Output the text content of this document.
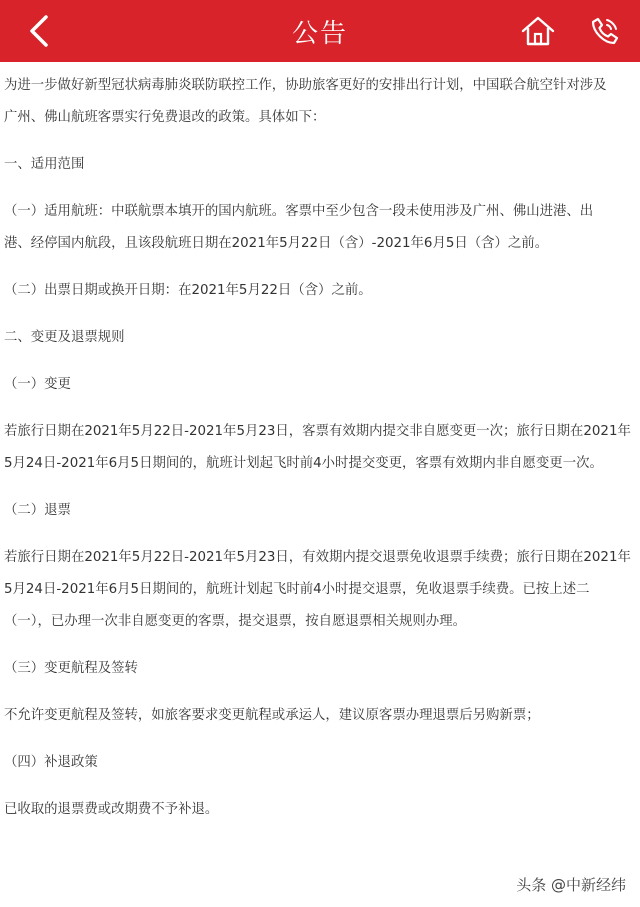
公告

为进一步做好新型冠状病毒肺炎联防联控工作，协助旅客更好的安排出行计划，中国联合航空针对涉及
广州、佛山航班客票实行免费退改的政策。具体如下：

一、适用范围

（一）适用航班：中联航票本填开的国内航班。客票中至少包含一段未使用涉及广州、佛山进港、出
港、经停国内航段，且该段航班日期在2021年5月22日（含）-2021年6月5日（含）之前。

（二）出票日期或换开日期：在2021年5月22日（含）之前。

二、变更及退票规则

（一）变更

若旅行日期在2021年5月22日-2021年5月23日，客票有效期内提交非自愿变更一次；旅行日期在2021年
5月24日-2021年6月5日期间的，航班计划起飞时前4小时提交变更，客票有效期内非自愿变更一次。

（二）退票

若旅行日期在2021年5月22日-2021年5月23日，有效期内提交退票免收退票手续费；旅行日期在2021年
5月24日-2021年6月5日期间的，航班计划起飞时前4小时提交退票，免收退票手续费。已按上述二
（一），已办理一次非自愿变更的客票，提交退票，按自愿退票相关规则办理。

（三）变更航程及签转

不允许变更航程及签转，如旅客要求变更航程或承运人，建议原客票办理退票后另购新票；

（四）补退政策

已收取的退票费或改期费不予补退。

头条 @中新经纬
